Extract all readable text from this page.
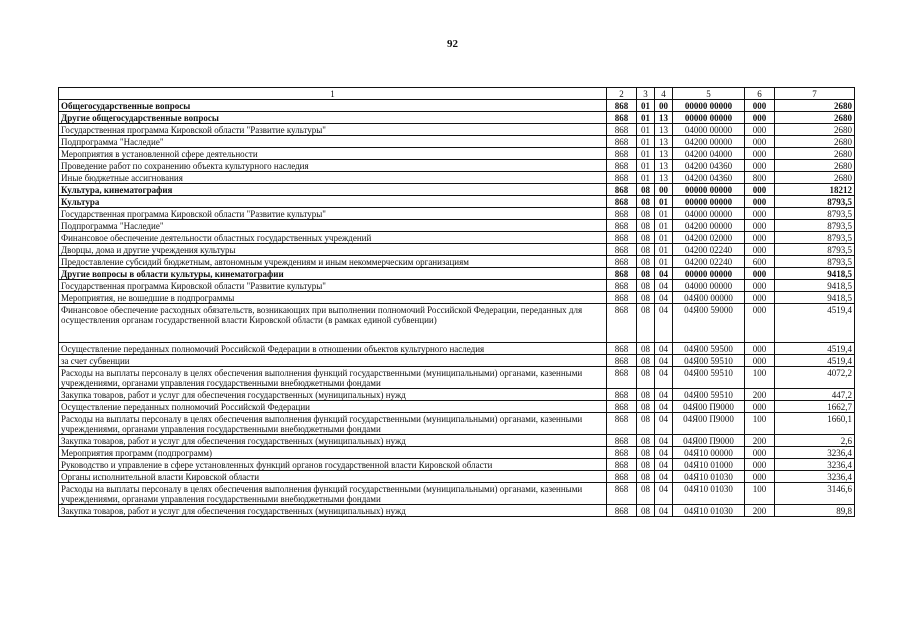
92
1	2	3	4	5	6	7
Общегосударственные вопросы	868	01	00	00000 00000	000	2680
Другие общегосударственные вопросы	868	01	13	00000 00000	000	2680
Государственная программа Кировской области "Развитие культуры"	868	01	13	04000 00000	000	2680
Подпрограмма "Наследие"	868	01	13	04200 00000	000	2680
Мероприятия в установленной сфере деятельности	868	01	13	04200 04000	000	2680
Проведение работ по сохранению объекта культурного наследия	868	01	13	04200 04360	000	2680
Иные бюджетные ассигнования	868	01	13	04200 04360	800	2680
Культура, кинематография	868	08	00	00000 00000	000	18212
Культура	868	08	01	00000 00000	000	8793,5
Государственная программа Кировской области "Развитие культуры"	868	08	01	04000 00000	000	8793,5
Подпрограмма "Наследие"	868	08	01	04200 00000	000	8793,5
Финансовое обеспечение деятельности областных государственных учреждений	868	08	01	04200 02000	000	8793,5
Дворцы, дома и другие учреждения культуры	868	08	01	04200 02240	000	8793,5
Предоставление субсидий бюджетным, автономным учреждениям и иным некоммерческим организациям	868	08	01	04200 02240	600	8793,5
Другие вопросы в области культуры, кинематографии	868	08	04	00000 00000	000	9418,5
Государственная программа Кировской области "Развитие культуры"	868	08	04	04000 00000	000	9418,5
Мероприятия, не вошедшие в подпрограммы	868	08	04	04Я00 00000	000	9418,5
Финансовое обеспечение расходных обязательств, возникающих при выполнении полномочий Российской Федерации, переданных для осуществления органам государственной власти Кировской области (в рамках единой субвенции)	868	08	04	04Я00 59000	000	4519,4
Осуществление переданных полномочий Российской Федерации в отношении объектов культурного наследия	868	08	04	04Я00 59500	000	4519,4
за счет субвенции	868	08	04	04Я00 59510	000	4519,4
Расходы на выплаты персоналу в целях обеспечения выполнения функций государственными (муниципальными) органами, казенными учреждениями, органами управления государственными внебюджетными фондами	868	08	04	04Я00 59510	100	4072,2
Закупка товаров, работ и услуг для обеспечения государственных (муниципальных) нужд	868	08	04	04Я00 59510	200	447,2
Осуществление переданных полномочий Российской Федерации	868	08	04	04Я00 П9000	000	1662,7
Расходы на выплаты персоналу в целях обеспечения выполнения функций государственными (муниципальными) органами, казенными учреждениями, органами управления государственными внебюджетными фондами	868	08	04	04Я00 П9000	100	1660,1
Закупка товаров, работ и услуг для обеспечения государственных (муниципальных) нужд	868	08	04	04Я00 П9000	200	2,6
Мероприятия программ (подпрограмм)	868	08	04	04Я10 00000	000	3236,4
Руководство и управление в сфере установленных функций органов государственной власти Кировской области	868	08	04	04Я10 01000	000	3236,4
Органы исполнительной власти Кировской области	868	08	04	04Я10 01030	000	3236,4
Расходы на выплаты персоналу в целях обеспечения выполнения функций государственными (муниципальными) органами, казенными учреждениями, органами управления государственными внебюджетными фондами	868	08	04	04Я10 01030	100	3146,6
Закупка товаров, работ и услуг для обеспечения государственных (муниципальных) нужд	868	08	04	04Я10 01030	200	89,8
